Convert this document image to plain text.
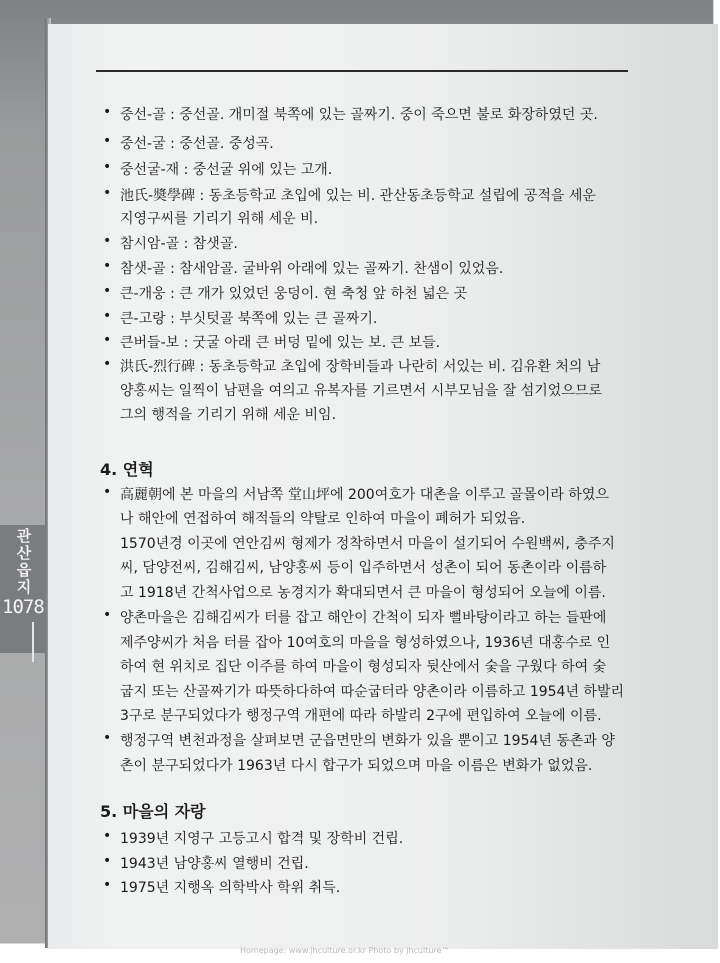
관산읍지
1078
• 중선-골 : 중선골. 개미절 북쪽에 있는 골짜기. 중이 죽으면 불로 화장하였던 곳.
• 중선-굴 : 중선골. 중성곡.
• 중선굴-재 : 중선굴 위에 있는 고개.
• 池氏-奬學碑 : 동초등학교 초입에 있는 비. 관산동초등학교 설립에 공적을 세운
지영구씨를 기리기 위해 세운 비.
• 참시암-골 : 참샛골.
• 참샛-골 : 참새암골. 굴바위 아래에 있는 골짜기. 찬샘이 있었음.
• 큰-개웅 : 큰 개가 있었던 웅덩이. 현 축청 앞 하천 넓은 곳
• 큰-고랑 : 부싯텃골 북쪽에 있는 큰 골짜기.
• 큰버들-보 : 굿굴 아래 큰 버덩 밑에 있는 보. 큰 보들.
• 洪氏-烈行碑 : 동초등학교 초입에 장학비들과 나란히 서있는 비. 김유환 처의 남
양홍씨는 일찍이 남편을 여의고 유복자를 기르면서 시부모님을 잘 섬기었으므로
그의 행적을 기리기 위해 세운 비임.
4. 연혁
• 高麗朝에 본 마을의 서남쪽 堂山坪에 200여호가 대촌을 이루고 골몰이라 하였으
나 해안에 연접하여 해적들의 약탈로 인하여 마을이 폐허가 되었음.
1570년경 이곳에 연안김씨 형제가 정착하면서 마을이 설기되어 수원백씨, 충주지
씨, 담양전씨, 김해김씨, 남양홍씨 등이 입주하면서 성촌이 되어 동촌이라 이름하
고 1918년 간척사업으로 농경지가 확대되면서 큰 마을이 형성되어 오늘에 이름.
• 양촌마을은 김해김씨가 터를 잡고 해안이 간척이 되자 뻘바탕이라고 하는 들판에
제주양씨가 처음 터를 잡아 10여호의 마을을 형성하였으나, 1936년 대홍수로 인
하여 현 위치로 집단 이주를 하여 마을이 형성되자 뒷산에서 숯을 구웠다 하여 숯
굽지 또는 산골짜기가 따뜻하다하여 따순굽터라 양촌이라 이름하고 1954년 하발리
3구로 분구되었다가 행정구역 개편에 따라 하발리 2구에 편입하여 오늘에 이름.
• 행정구역 변천과정을 살펴보면 군읍면만의 변화가 있을 뿐이고 1954년 동촌과 양
촌이 분구되었다가 1963년 다시 합구가 되었으며 마을 이름은 변화가 없었음.
5. 마을의 자랑
• 1939년 지영구 고등고시 합격 및 장학비 건립.
• 1943년 남양홍씨 열행비 건립.
• 1975년 지행옥 의학박사 학위 취득.
Homepage: www.jhculture.or.kr Photo by jhculture™
